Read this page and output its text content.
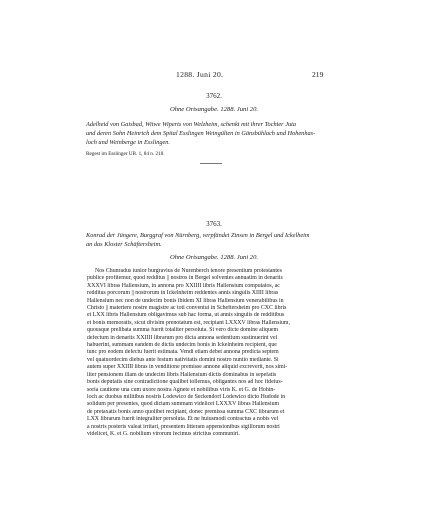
1288. Juni 20.	219
3762.
Ohne Ortsangabe. 1288. Juni 20.
Adelheid von Gaisbad, Witwe Wiperts von Welzheim, schenkt mit ihrer Tochter Juta
und deren Sohn Heinrich dem Spital Esslingen Weingülten in Gänsbühlach und Hohenhas-
loch und Weinberge in Esslingen.
Regest im Esslinger UB. 1, 84 n. 218.
3763.
Konrad der Jüngere, Burggraf von Nürnberg, verpfändet Zinsen in Bergel und Ickelheim
an das Kloster Schäftersheim.
Ohne Ortsangabe. 1288. Juni 20.
Nos Chunradus iunior burgravius de Nurenberch tenore presentium protestantes
publice profitemur, quod redditus || nostros in Bergel solventes annuatim in denariis
XXXVI libras Hallensium, in annona pro XXIIII libris Hallensium computatos, ac
redditus porcorum || nostrorum in Ickelnheim reddentes annis singulis XIIII libras
Hallensium nec non de undecim bonis ibidem XI libras Hallensium venerabilibus in
Christo || matertere nostre magistre ac toti conventui in Scheftersheim pro CXC libris
et LXX libris Hallensium obligavimus sub hac forma, ut annis singulis de redditibus
et bonis memoratis, sicut divisim prenotatum est, recipiant LXXXV libras Hallensium,
quousque prelibata summa fuerit totaliter persoluta. Si vero dicte domine aliquem
defectum in denariis XXIIII librarum pro dicta annona sedentium sustinuerint vel
habuerint, summam eandem de dictis undecim bonis in Ickelnheim recipient, que
tunc pro eodem defectu fuerit estimata. Vendi etiam debet annona predicta septem
vel quatuordecim diebus ante festum nativitatis domini nostro nuntio mediante. Si
autem super XXIIII libras in venditione premisse annone aliquid excreverit, nos simi-
liter pensionem illam de undecim libris Hallensium dictis dominabus in sepefatis
bonis deputatis sine contradictione qualibet tollemus, obligantes nos ad hoc fideius-
soria cautione una cum uxore nostra Agnete et nobilibus viris K. et G. de Hohin-
loch ac duobus militibus nostris Lodewico de Seckendorf Lodewico dicto Hudode in
solidum per presentes, quod dictam summam videlicet LXXXV libras Hallensium
de pretaxatis bonis anno quolibet recipiant, donec premissa summa CXC librarum et
LXX librarum fuerit integraliter persoluta. Et ne huiusmodi contractus a nobis vel
a nostris posteris valeat irritari, presentem litteram appensionibus sigillorum nostri
videlicet, K. et G. nobilium virorum fecimus strictius communiri.
